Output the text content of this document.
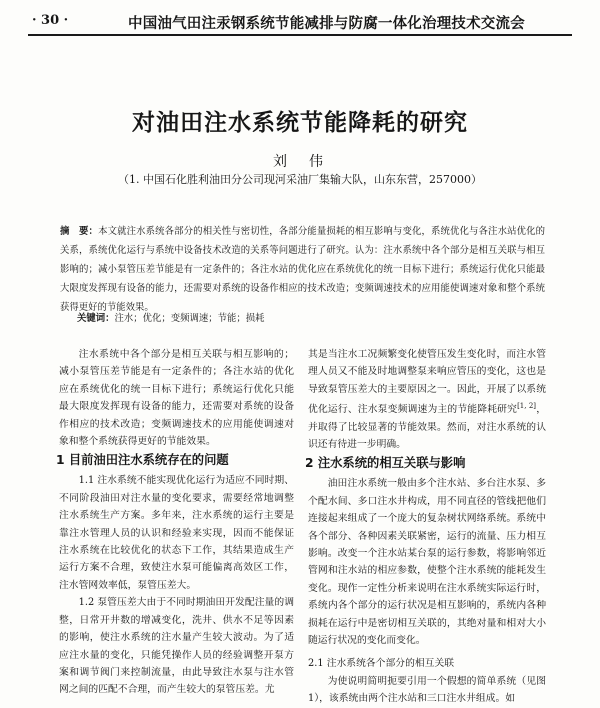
· 30 ·	中国油气田注汞钢系统节能减排与防腐一体化治理技术交流会
对油田注水系统节能降耗的研究
刘　伟
（1. 中国石化胜利油田分公司现河采油厂集输大队，山东东营，257000）
摘　要：本文就注水系统各部分的相关性与密切性，各部分能量损耗的相互影响与变化，系统优化与各注水站优化的关系，系统优化运行与系统中设备技术改造的关系等问题进行了研究。认为：注水系统中各个部分是相互关联与相互影响的；减小泵管压差节能是有一定条件的；各注水站的优化应在系统优化的统一目标下进行；系统运行优化只能最大限度发挥现有设备的能力，还需要对系统的设备作相应的技术改造；变频调速技术的应用能使调速对象和整个系统获得更好的节能效果。
关键词：注水；优化；变频调速；节能；损耗

注水系统中各个部分是相互关联与相互影响的；减小泵管压差节能是有一定条件的；各注水站的优化应在系统优化的统一目标下进行；系统运行优化只能最大限度发挥现有设备的能力，还需要对系统的设备作相应的技术改造；变频调速技术的应用能使调速对象和整个系统获得更好的节能效果。

1 目前油田注水系统存在的问题

1.1 注水系统不能实现优化运行为适应不同时期、不同阶段油田对注水量的变化要求，需要经常地调整注水系统生产方案。多年来，注水系统的运行主要是靠注水管理人员的认识和经验来实现，因而不能保证注水系统在比较优化的状态下工作，其结果造成生产运行方案不合理，致使注水泵可能偏离高效区工作，注水管网效率低，泵管压差大。

1.2 泵管压差大由于不同时期油田开发配注量的调整，日常开井数的增减变化，洗井、供水不足等因素的影响，使注水系统的注水量产生较大波动。为了适应注水量的变化，只能凭操作人员的经验调整开泵方案和调节阀门来控制流量，由此导致注水泵与注水管网之间的匹配不合理，而产生较大的泵管压差。尤

其是当注水工况频繁变化使管压发生变化时，而注水管理人员又不能及时地调整泵来响应管压的变化，这也是导致泵管压差大的主要原因之一。因此，开展了以系统优化运行、注水泵变频调速为主的节能降耗研究[1, 2]，并取得了比较显著的节能效果。然而，对注水系统的认识还有待进一步明确。

2 注水系统的相互关联与影响

油田注水系统一般由多个注水站、多台注水泵、多个配水间、多口注水井构成，用不同直径的管线把他们连接起来组成了一个庞大的复杂树状网络系统。系统中各个部分、各种因素关联紧密，运行的流量、压力相互影响。改变一个注水站某台泵的运行参数，将影响邻近管网和注水站的相应参数，使整个注水系统的能耗发生变化。现作一定性分析来说明在注水系统实际运行时，系统内各个部分的运行状况是相互影响的，系统内各种损耗在运行中是密切相互关联的，其绝对量和相对大小随运行状况的变化而变化。

2.1 注水系统各个部分的相互关联

为使说明简明扼要引用一个假想的简单系统（见图 1），该系统由两个注水站和三口注水井组成。如
